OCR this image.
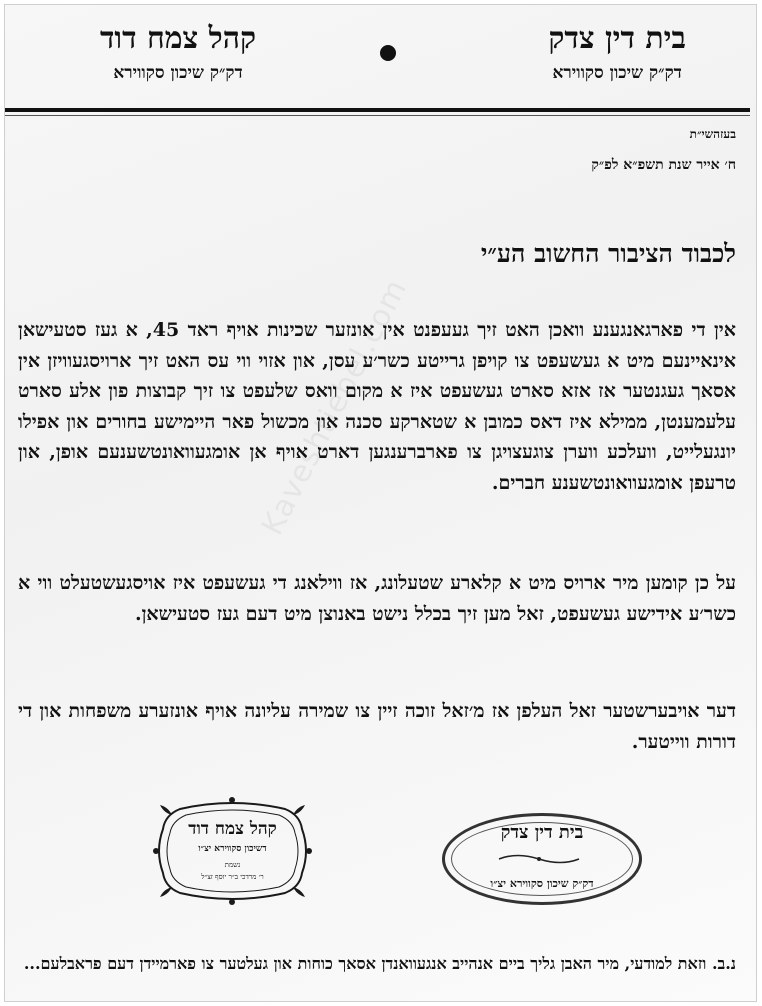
בית דין צדק
דק״ק שיכון סקווירא
קהל צמח דוד
דק״ק שיכון סקווירא
בעזהשי״ת
ח׳ אייר שנת תשפ״א לפ״ק
לכבוד הציבור החשוב הע״י
Kaveshtiebel.com
אין די פארגאנגענע וואכן האט זיך געעפנט אין אונזער שכינות אויף ראד 45, א געז סטעישאן אינאיינעם מיט א געשעפט צו קויפן גרייטע כשר׳ע עסן, און אזוי ווי עס האט זיך ארויסגעוויזן אין אסאך געגנטער אז אזא סארט געשעפט איז א מקום וואס שלעפט צו זיך קבוצות פון אלע סארט עלעמענטן, ממילא איז דאס כמובן א שטארקע סכנה און מכשול פאר היימישע בחורים און אפילו יונגעלייט, וועלכע ווערן צוגעצויגן צו פארברענגען דארט אויף אן אומגעוואונטשענעם אופן, און טרעפן אומגעוואונטשענע חברים.
על כן קומען מיר ארויס מיט א קלארע שטעלונג, אז ווילאנג די געשעפט איז אויסגעשטעלט ווי א כשר׳ע אידישע געשעפט, זאל מען זיך בכלל נישט באנוצן מיט דעם געז סטעישאן.
דער אויבערשטער זאל העלפן אז מ׳זאל זוכה זיין צו שמירה עליונה אויף אונזערע משפחות און די דורות ווייטער.
קהל צמח דוד
דשיכון סקווירא יצ״ו
נשמת
ר׳ מרדכי ב״ר יוסף זצ״ל
בית דין צדק
דק״ק שיכון סקווירא יצ״ו
נ.ב. וזאת למודעי, מיר האבן גליך ביים אנהייב אנגעוואנדן אסאך כוחות און געלטער צו פארמיידן דעם פראבלעם...
